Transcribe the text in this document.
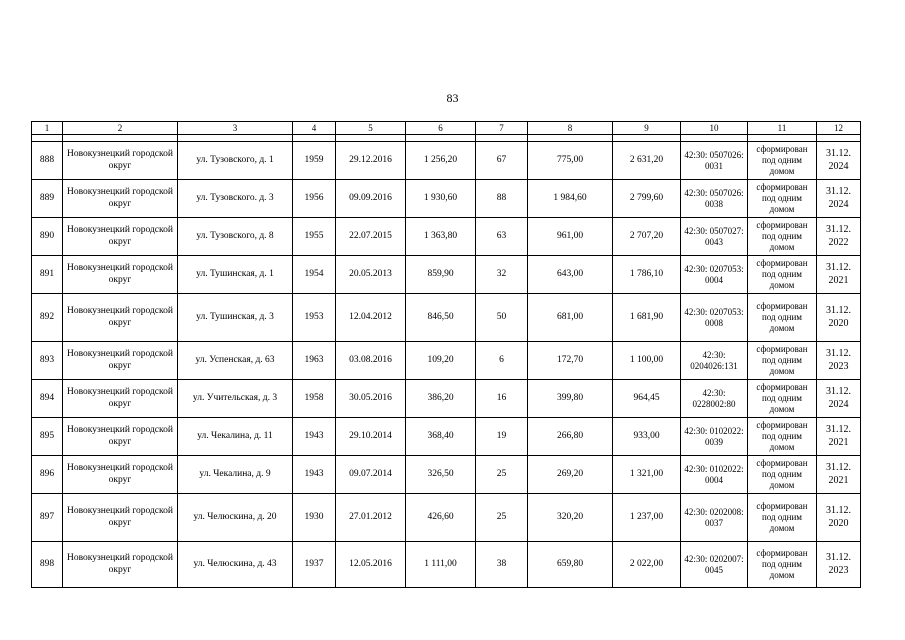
83
1	2	3	4	5	6	7	8	9	10	11	12

888	Новокузнецкий городской округ	ул. Тузовского, д. 1	1959	29.12.2016	1 256,20	67	775,00	2 631,20	42:30: 0507026: 0031	сформирован под одним домом	31.12. 2024
889	Новокузнецкий городской округ	ул. Тузовского. д. 3	1956	09.09.2016	1 930,60	88	1 984,60	2 799,60	42:30: 0507026: 0038	сформирован под одним домом	31.12. 2024
890	Новокузнецкий городской округ	ул. Тузовского, д. 8	1955	22.07.2015	1 363,80	63	961,00	2 707,20	42:30: 0507027: 0043	сформирован под одним домом	31.12. 2022
891	Новокузнецкий городской округ	ул. Тушинская, д. 1	1954	20.05.2013	859,90	32	643,00	1 786,10	42:30: 0207053: 0004	сформирован под одним домом	31.12. 2021
892	Новокузнецкий городской округ	ул. Тушинская, д. 3	1953	12.04.2012	846,50	50	681,00	1 681,90	42:30: 0207053: 0008	сформирован под одним домом	31.12. 2020
893	Новокузнецкий городской округ	ул. Успенская, д. 63	1963	03.08.2016	109,20	6	172,70	1 100,00	42:30: 0204026:131	сформирован под одним домом	31.12. 2023
894	Новокузнецкий городской округ	ул. Учительская, д. 3	1958	30.05.2016	386,20	16	399,80	964,45	42:30: 0228002:80	сформирован под одним домом	31.12. 2024
895	Новокузнецкий городской округ	ул. Чекалина, д. 11	1943	29.10.2014	368,40	19	266,80	933,00	42:30: 0102022: 0039	сформирован под одним домом	31.12. 2021
896	Новокузнецкий городской округ	ул. Чекалина, д. 9	1943	09.07.2014	326,50	25	269,20	1 321,00	42:30: 0102022: 0004	сформирован под одним домом	31.12. 2021
897	Новокузнецкий городской округ	ул. Челюскина, д. 20	1930	27.01.2012	426,60	25	320,20	1 237,00	42:30: 0202008: 0037	сформирован под одним домом	31.12. 2020
898	Новокузнецкий городской округ	ул. Челюскина, д. 43	1937	12.05.2016	1 111,00	38	659,80	2 022,00	42:30: 0202007: 0045	сформирован под одним домом	31.12. 2023
